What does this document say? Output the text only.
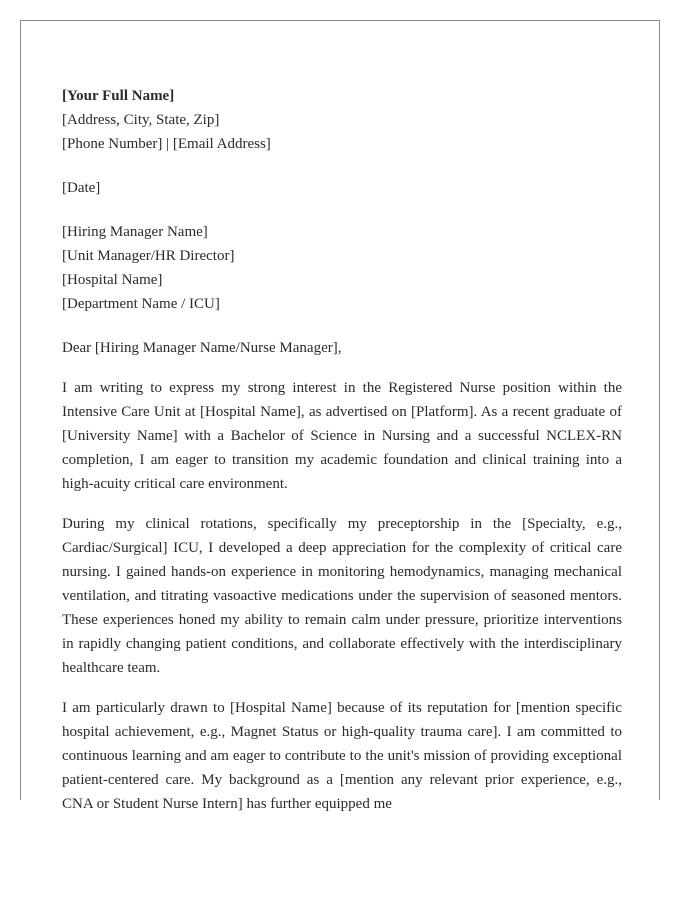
[Your Full Name]
[Address, City, State, Zip]
[Phone Number] | [Email Address]
[Date]
[Hiring Manager Name]
[Unit Manager/HR Director]
[Hospital Name]
[Department Name / ICU]
Dear [Hiring Manager Name/Nurse Manager],

I am writing to express my strong interest in the Registered Nurse position within the Intensive Care Unit at [Hospital Name], as advertised on [Platform]. As a recent graduate of [University Name] with a Bachelor of Science in Nursing and a successful NCLEX-RN completion, I am eager to transition my academic foundation and clinical training into a high-acuity critical care environment.

During my clinical rotations, specifically my preceptorship in the [Specialty, e.g., Cardiac/Surgical] ICU, I developed a deep appreciation for the complexity of critical care nursing. I gained hands-on experience in monitoring hemodynamics, managing mechanical ventilation, and titrating vasoactive medications under the supervision of seasoned mentors. These experiences honed my ability to remain calm under pressure, prioritize interventions in rapidly changing patient conditions, and collaborate effectively with the interdisciplinary healthcare team.

I am particularly drawn to [Hospital Name] because of its reputation for [mention specific hospital achievement, e.g., Magnet Status or high-quality trauma care]. I am committed to continuous learning and am eager to contribute to the unit's mission of providing exceptional patient-centered care. My background as a [mention any relevant prior experience, e.g., CNA or Student Nurse Intern] has further equipped me
